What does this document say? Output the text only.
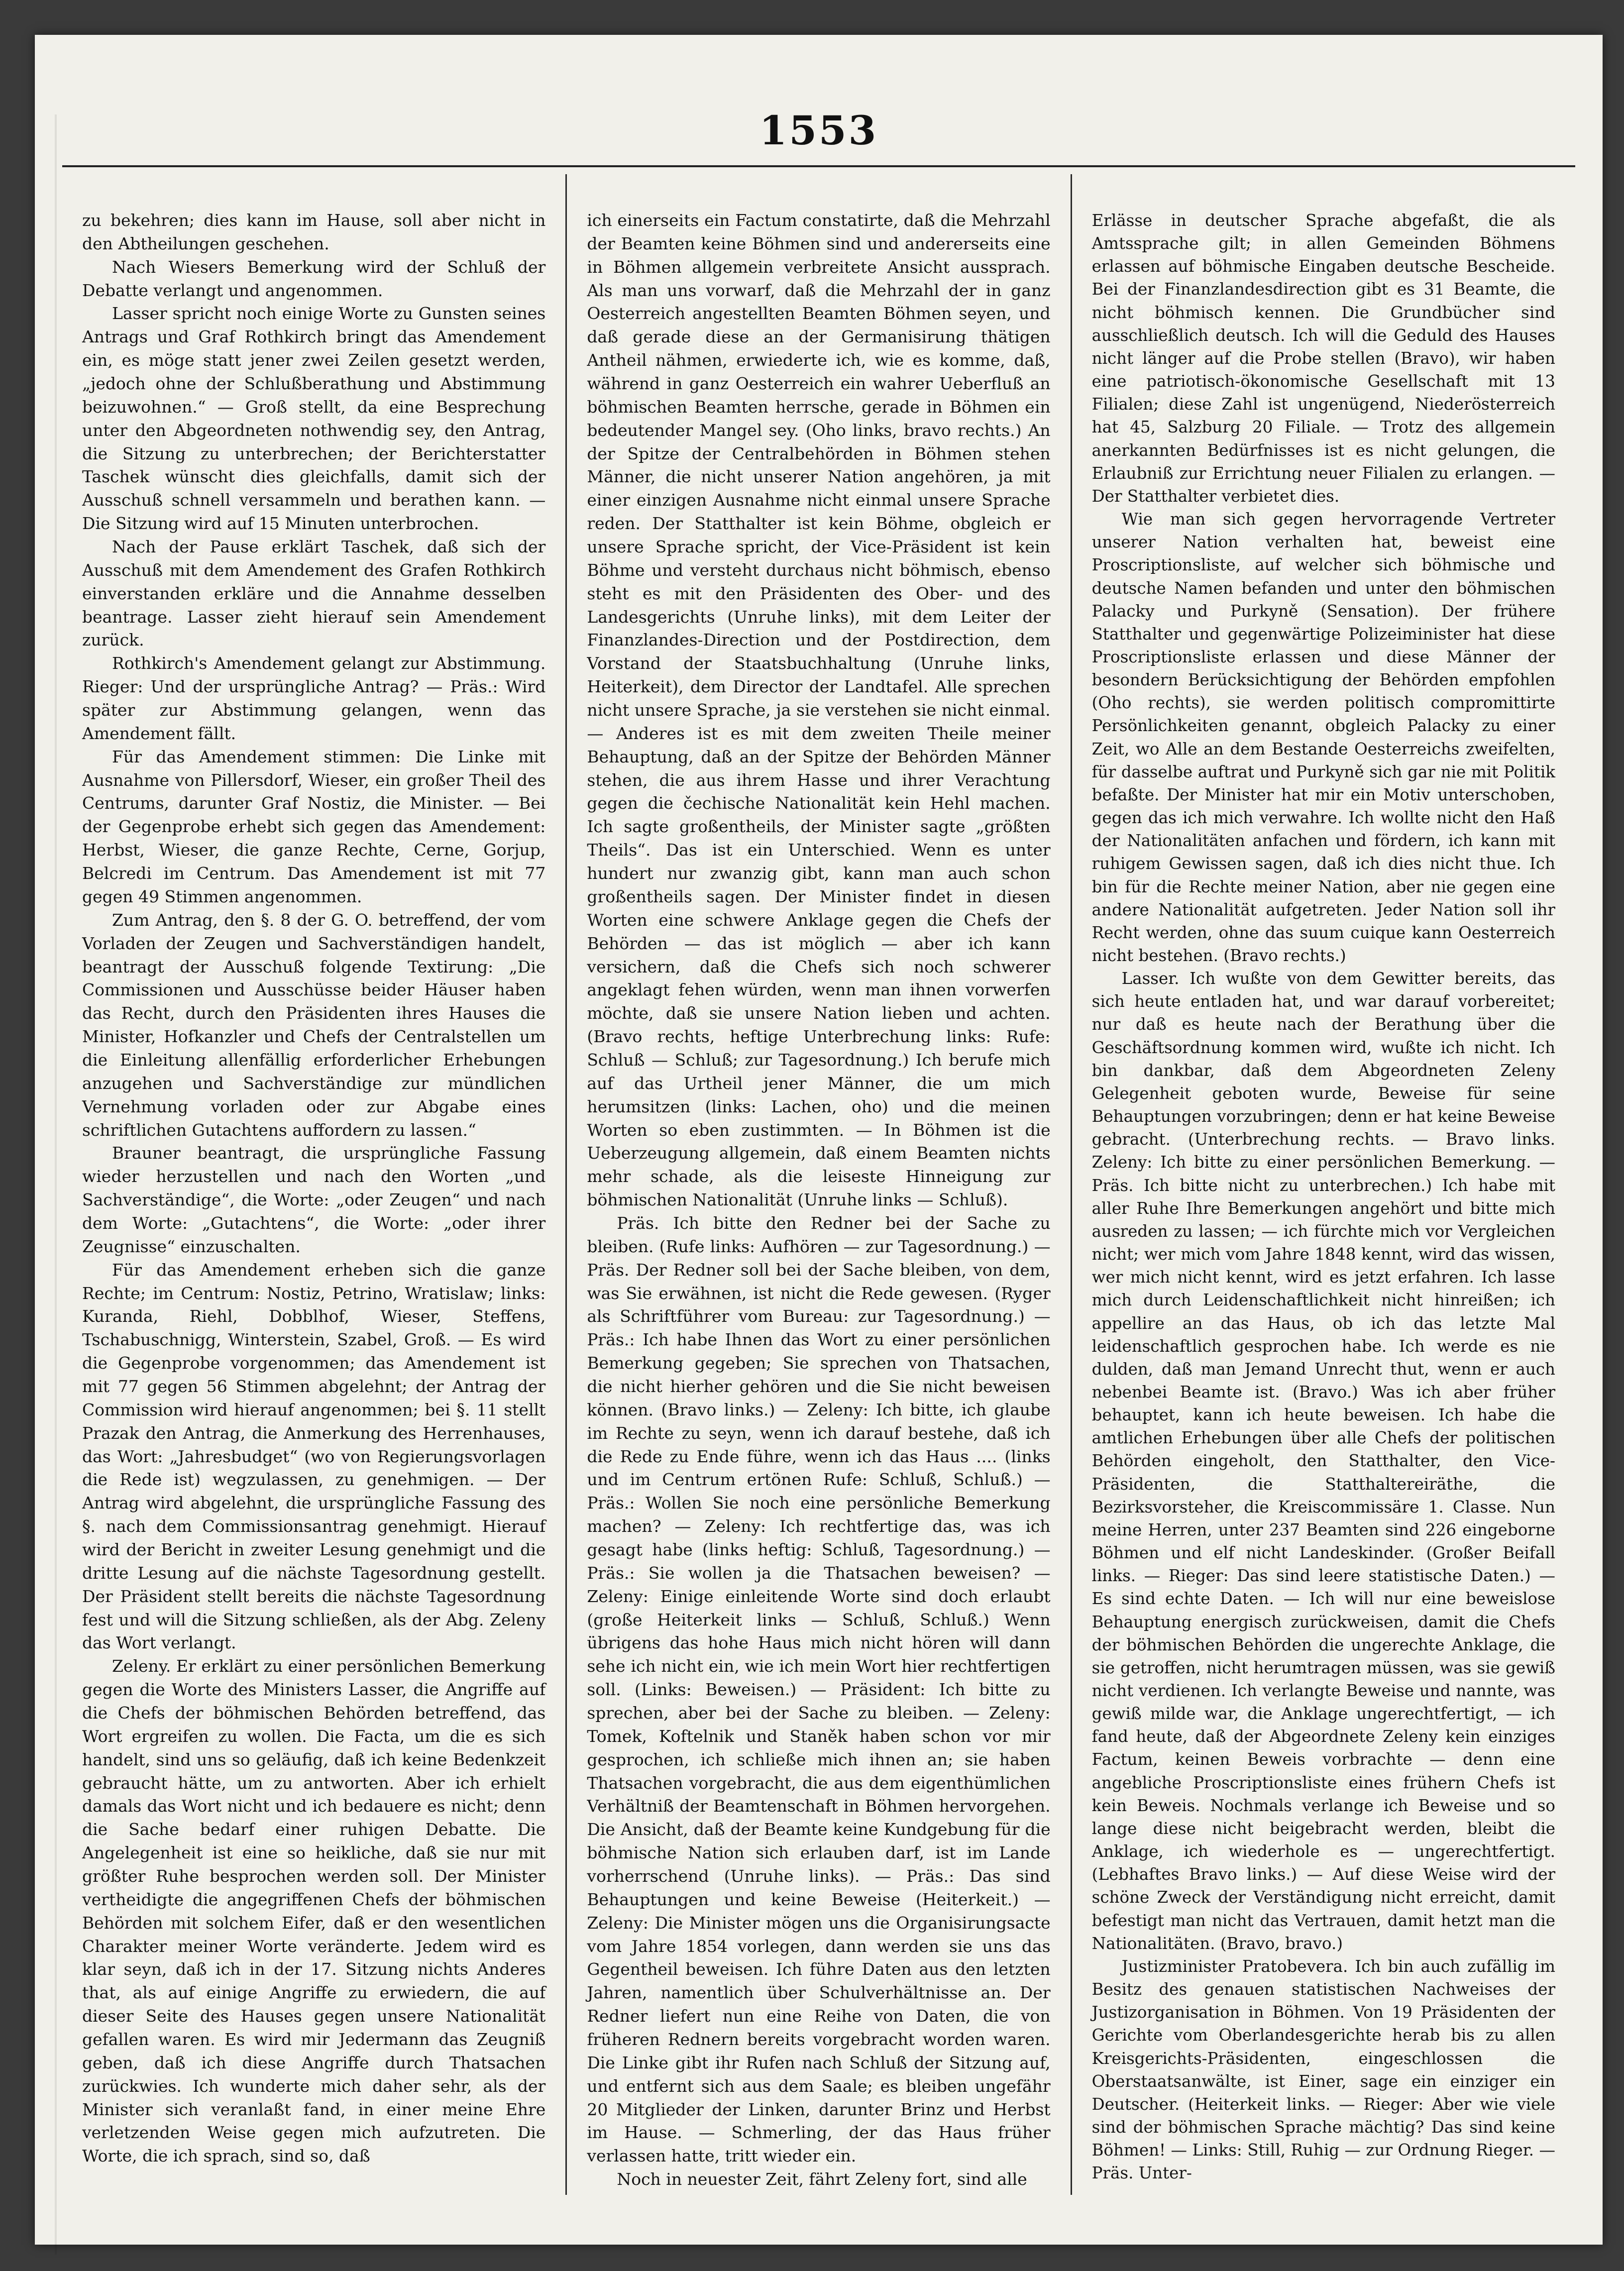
1553

zu bekehren; dies kann im Hause, soll aber nicht in den Abtheilungen geschehen.

Nach Wiesers Bemerkung wird der Schluß der Debatte verlangt und angenommen.

Lasser spricht noch einige Worte zu Gunsten seines Antrags und Graf Rothkirch bringt das Amendement ein, es möge statt jener zwei Zeilen gesetzt werden, „jedoch ohne der Schlußberathung und Abstimmung beizuwohnen.“ — Groß stellt, da eine Besprechung unter den Abgeordneten nothwendig sey, den Antrag, die Sitzung zu unterbrechen; der Berichterstatter Taschek wünscht dies gleichfalls, damit sich der Ausschuß schnell versammeln und berathen kann. — Die Sitzung wird auf 15 Minuten unterbrochen.

Nach der Pause erklärt Taschek, daß sich der Ausschuß mit dem Amendement des Grafen Rothkirch einverstanden erkläre und die Annahme desselben beantrage. Lasser zieht hierauf sein Amendement zurück.

Rothkirch's Amendement gelangt zur Abstimmung. Rieger: Und der ursprüngliche Antrag? — Präs.: Wird später zur Abstimmung gelangen, wenn das Amendement fällt.

Für das Amendement stimmen: Die Linke mit Ausnahme von Pillersdorf, Wieser, ein großer Theil des Centrums, darunter Graf Nostiz, die Minister. — Bei der Gegenprobe erhebt sich gegen das Amendement: Herbst, Wieser, die ganze Rechte, Cerne, Gorjup, Belcredi im Centrum. Das Amendement ist mit 77 gegen 49 Stimmen angenommen.

Zum Antrag, den §. 8 der G. O. betreffend, der vom Vorladen der Zeugen und Sachverständigen handelt, beantragt der Ausschuß folgende Textirung: „Die Commissionen und Ausschüsse beider Häuser haben das Recht, durch den Präsidenten ihres Hauses die Minister, Hofkanzler und Chefs der Centralstellen um die Einleitung allenfällig erforderlicher Erhebungen anzugehen und Sachverständige zur mündlichen Vernehmung vorladen oder zur Abgabe eines schriftlichen Gutachtens auffordern zu lassen.“

Brauner beantragt, die ursprüngliche Fassung wieder herzustellen und nach den Worten „und Sachverständige“, die Worte: „oder Zeugen“ und nach dem Worte: „Gutachtens“, die Worte: „oder ihrer Zeugnisse“ einzuschalten.

Für das Amendement erheben sich die ganze Rechte; im Centrum: Nostiz, Petrino, Wratislaw; links: Kuranda, Riehl, Dobblhof, Wieser, Steffens, Tschabuschnigg, Winterstein, Szabel, Groß. — Es wird die Gegenprobe vorgenommen; das Amendement ist mit 77 gegen 56 Stimmen abgelehnt; der Antrag der Commission wird hierauf angenommen; bei §. 11 stellt Prazak den Antrag, die Anmerkung des Herrenhauses, das Wort: „Jahresbudget“ (wo von Regierungsvorlagen die Rede ist) wegzulassen, zu genehmigen. — Der Antrag wird abgelehnt, die ursprüngliche Fassung des §. nach dem Commissionsantrag genehmigt. Hierauf wird der Bericht in zweiter Lesung genehmigt und die dritte Lesung auf die nächste Tagesordnung gestellt. Der Präsident stellt bereits die nächste Tagesordnung fest und will die Sitzung schließen, als der Abg. Zeleny das Wort verlangt.

Zeleny. Er erklärt zu einer persönlichen Bemerkung gegen die Worte des Ministers Lasser, die Angriffe auf die Chefs der böhmischen Behörden betreffend, das Wort ergreifen zu wollen. Die Facta, um die es sich handelt, sind uns so geläufig, daß ich keine Bedenkzeit gebraucht hätte, um zu antworten. Aber ich erhielt damals das Wort nicht und ich bedauere es nicht; denn die Sache bedarf einer ruhigen Debatte. Die Angelegenheit ist eine so heikliche, daß sie nur mit größter Ruhe besprochen werden soll. Der Minister vertheidigte die angegriffenen Chefs der böhmischen Behörden mit solchem Eifer, daß er den wesentlichen Charakter meiner Worte veränderte. Jedem wird es klar seyn, daß ich in der 17. Sitzung nichts Anderes that, als auf einige Angriffe zu erwiedern, die auf dieser Seite des Hauses gegen unsere Nationalität gefallen waren. Es wird mir Jedermann das Zeugniß geben, daß ich diese Angriffe durch Thatsachen zurückwies. Ich wunderte mich daher sehr, als der Minister sich veranlaßt fand, in einer meine Ehre verletzenden Weise gegen mich aufzutreten. Die Worte, die ich sprach, sind so, daß

ich einerseits ein Factum constatirte, daß die Mehrzahl der Beamten keine Böhmen sind und andererseits eine in Böhmen allgemein verbreitete Ansicht aussprach. Als man uns vorwarf, daß die Mehrzahl der in ganz Oesterreich angestellten Beamten Böhmen seyen, und daß gerade diese an der Germanisirung thätigen Antheil nähmen, erwiederte ich, wie es komme, daß, während in ganz Oesterreich ein wahrer Ueberfluß an böhmischen Beamten herrsche, gerade in Böhmen ein bedeutender Mangel sey. (Oho links, bravo rechts.) An der Spitze der Centralbehörden in Böhmen stehen Männer, die nicht unserer Nation angehören, ja mit einer einzigen Ausnahme nicht einmal unsere Sprache reden. Der Statthalter ist kein Böhme, obgleich er unsere Sprache spricht, der Vice-Präsident ist kein Böhme und versteht durchaus nicht böhmisch, ebenso steht es mit den Präsidenten des Ober- und des Landesgerichts (Unruhe links), mit dem Leiter der Finanzlandes-Direction und der Postdirection, dem Vorstand der Staatsbuchhaltung (Unruhe links, Heiterkeit), dem Director der Landtafel. Alle sprechen nicht unsere Sprache, ja sie verstehen sie nicht einmal. — Anderes ist es mit dem zweiten Theile meiner Behauptung, daß an der Spitze der Behörden Männer stehen, die aus ihrem Hasse und ihrer Verachtung gegen die čechische Nationalität kein Hehl machen. Ich sagte großentheils, der Minister sagte „größten Theils“. Das ist ein Unterschied. Wenn es unter hundert nur zwanzig gibt, kann man auch schon großentheils sagen. Der Minister findet in diesen Worten eine schwere Anklage gegen die Chefs der Behörden — das ist möglich — aber ich kann versichern, daß die Chefs sich noch schwerer angeklagt fehen würden, wenn man ihnen vorwerfen möchte, daß sie unsere Nation lieben und achten. (Bravo rechts, heftige Unterbrechung links: Rufe: Schluß — Schluß; zur Tagesordnung.) Ich berufe mich auf das Urtheil jener Männer, die um mich herumsitzen (links: Lachen, oho) und die meinen Worten so eben zustimmten. — In Böhmen ist die Ueberzeugung allgemein, daß einem Beamten nichts mehr schade, als die leiseste Hinneigung zur böhmischen Nationalität (Unruhe links — Schluß).

Präs. Ich bitte den Redner bei der Sache zu bleiben. (Rufe links: Aufhören — zur Tagesordnung.) — Präs. Der Redner soll bei der Sache bleiben, von dem, was Sie erwähnen, ist nicht die Rede gewesen. (Ryger als Schriftführer vom Bureau: zur Tagesordnung.) — Präs.: Ich habe Ihnen das Wort zu einer persönlichen Bemerkung gegeben; Sie sprechen von Thatsachen, die nicht hierher gehören und die Sie nicht beweisen können. (Bravo links.) — Zeleny: Ich bitte, ich glaube im Rechte zu seyn, wenn ich darauf bestehe, daß ich die Rede zu Ende führe, wenn ich das Haus .... (links und im Centrum ertönen Rufe: Schluß, Schluß.) — Präs.: Wollen Sie noch eine persönliche Bemerkung machen? — Zeleny: Ich rechtfertige das, was ich gesagt habe (links heftig: Schluß, Tagesordnung.) — Präs.: Sie wollen ja die Thatsachen beweisen? — Zeleny: Einige einleitende Worte sind doch erlaubt (große Heiterkeit links — Schluß, Schluß.) Wenn übrigens das hohe Haus mich nicht hören will dann sehe ich nicht ein, wie ich mein Wort hier rechtfertigen soll. (Links: Beweisen.) — Präsident: Ich bitte zu sprechen, aber bei der Sache zu bleiben. — Zeleny: Tomek, Koftelnik und Staněk haben schon vor mir gesprochen, ich schließe mich ihnen an; sie haben Thatsachen vorgebracht, die aus dem eigenthümlichen Verhältniß der Beamtenschaft in Böhmen hervorgehen. Die Ansicht, daß der Beamte keine Kundgebung für die böhmische Nation sich erlauben darf, ist im Lande vorherrschend (Unruhe links). — Präs.: Das sind Behauptungen und keine Beweise (Heiterkeit.) — Zeleny: Die Minister mögen uns die Organisirungsacte vom Jahre 1854 vorlegen, dann werden sie uns das Gegentheil beweisen. Ich führe Daten aus den letzten Jahren, namentlich über Schulverhältnisse an. Der Redner liefert nun eine Reihe von Daten, die von früheren Rednern bereits vorgebracht worden waren. Die Linke gibt ihr Rufen nach Schluß der Sitzung auf, und entfernt sich aus dem Saale; es bleiben ungefähr 20 Mitglieder der Linken, darunter Brinz und Herbst im Hause. — Schmerling, der das Haus früher verlassen hatte, tritt wieder ein.

Noch in neuester Zeit, fährt Zeleny fort, sind alle

Erlässe in deutscher Sprache abgefaßt, die als Amtssprache gilt; in allen Gemeinden Böhmens erlassen auf böhmische Eingaben deutsche Bescheide. Bei der Finanzlandesdirection gibt es 31 Beamte, die nicht böhmisch kennen. Die Grundbücher sind ausschließlich deutsch. Ich will die Geduld des Hauses nicht länger auf die Probe stellen (Bravo), wir haben eine patriotisch-ökonomische Gesellschaft mit 13 Filialen; diese Zahl ist ungenügend, Niederösterreich hat 45, Salzburg 20 Filiale. — Trotz des allgemein anerkannten Bedürfnisses ist es nicht gelungen, die Erlaubniß zur Errichtung neuer Filialen zu erlangen. — Der Statthalter verbietet dies.

Wie man sich gegen hervorragende Vertreter unserer Nation verhalten hat, beweist eine Proscriptionsliste, auf welcher sich böhmische und deutsche Namen befanden und unter den böhmischen Palacky und Purkyně (Sensation). Der frühere Statthalter und gegenwärtige Polizeiminister hat diese Proscriptionsliste erlassen und diese Männer der besondern Berücksichtigung der Behörden empfohlen (Oho rechts), sie werden politisch compromittirte Persönlichkeiten genannt, obgleich Palacky zu einer Zeit, wo Alle an dem Bestande Oesterreichs zweifelten, für dasselbe auftrat und Purkyně sich gar nie mit Politik befaßte. Der Minister hat mir ein Motiv unterschoben, gegen das ich mich verwahre. Ich wollte nicht den Haß der Nationalitäten anfachen und fördern, ich kann mit ruhigem Gewissen sagen, daß ich dies nicht thue. Ich bin für die Rechte meiner Nation, aber nie gegen eine andere Nationalität aufgetreten. Jeder Nation soll ihr Recht werden, ohne das suum cuique kann Oesterreich nicht bestehen. (Bravo rechts.)

Lasser. Ich wußte von dem Gewitter bereits, das sich heute entladen hat, und war darauf vorbereitet; nur daß es heute nach der Berathung über die Geschäftsordnung kommen wird, wußte ich nicht. Ich bin dankbar, daß dem Abgeordneten Zeleny Gelegenheit geboten wurde, Beweise für seine Behauptungen vorzubringen; denn er hat keine Beweise gebracht. (Unterbrechung rechts. — Bravo links. Zeleny: Ich bitte zu einer persönlichen Bemerkung. — Präs. Ich bitte nicht zu unterbrechen.) Ich habe mit aller Ruhe Ihre Bemerkungen angehört und bitte mich ausreden zu lassen; — ich fürchte mich vor Vergleichen nicht; wer mich vom Jahre 1848 kennt, wird das wissen, wer mich nicht kennt, wird es jetzt erfahren. Ich lasse mich durch Leidenschaftlichkeit nicht hinreißen; ich appellire an das Haus, ob ich das letzte Mal leidenschaftlich gesprochen habe. Ich werde es nie dulden, daß man Jemand Unrecht thut, wenn er auch nebenbei Beamte ist. (Bravo.) Was ich aber früher behauptet, kann ich heute beweisen. Ich habe die amtlichen Erhebungen über alle Chefs der politischen Behörden eingeholt, den Statthalter, den Vice-Präsidenten, die Statthaltereiräthe, die Bezirksvorsteher, die Kreiscommissäre 1. Classe. Nun meine Herren, unter 237 Beamten sind 226 eingeborne Böhmen und elf nicht Landeskinder. (Großer Beifall links. — Rieger: Das sind leere statistische Daten.) — Es sind echte Daten. — Ich will nur eine beweislose Behauptung energisch zurückweisen, damit die Chefs der böhmischen Behörden die ungerechte Anklage, die sie getroffen, nicht herumtragen müssen, was sie gewiß nicht verdienen. Ich verlangte Beweise und nannte, was gewiß milde war, die Anklage ungerechtfertigt, — ich fand heute, daß der Abgeordnete Zeleny kein einziges Factum, keinen Beweis vorbrachte — denn eine angebliche Proscriptionsliste eines frühern Chefs ist kein Beweis. Nochmals verlange ich Beweise und so lange diese nicht beigebracht werden, bleibt die Anklage, ich wiederhole es — ungerechtfertigt. (Lebhaftes Bravo links.) — Auf diese Weise wird der schöne Zweck der Verständigung nicht erreicht, damit befestigt man nicht das Vertrauen, damit hetzt man die Nationalitäten. (Bravo, bravo.)

Justizminister Pratobevera. Ich bin auch zufällig im Besitz des genauen statistischen Nachweises der Justizorganisation in Böhmen. Von 19 Präsidenten der Gerichte vom Oberlandesgerichte herab bis zu allen Kreisgerichts-Präsidenten, eingeschlossen die Oberstaatsanwälte, ist Einer, sage ein einziger ein Deutscher. (Heiterkeit links. — Rieger: Aber wie viele sind der böhmischen Sprache mächtig? Das sind keine Böhmen! — Links: Still, Ruhig — zur Ordnung Rieger. — Präs. Unter-
